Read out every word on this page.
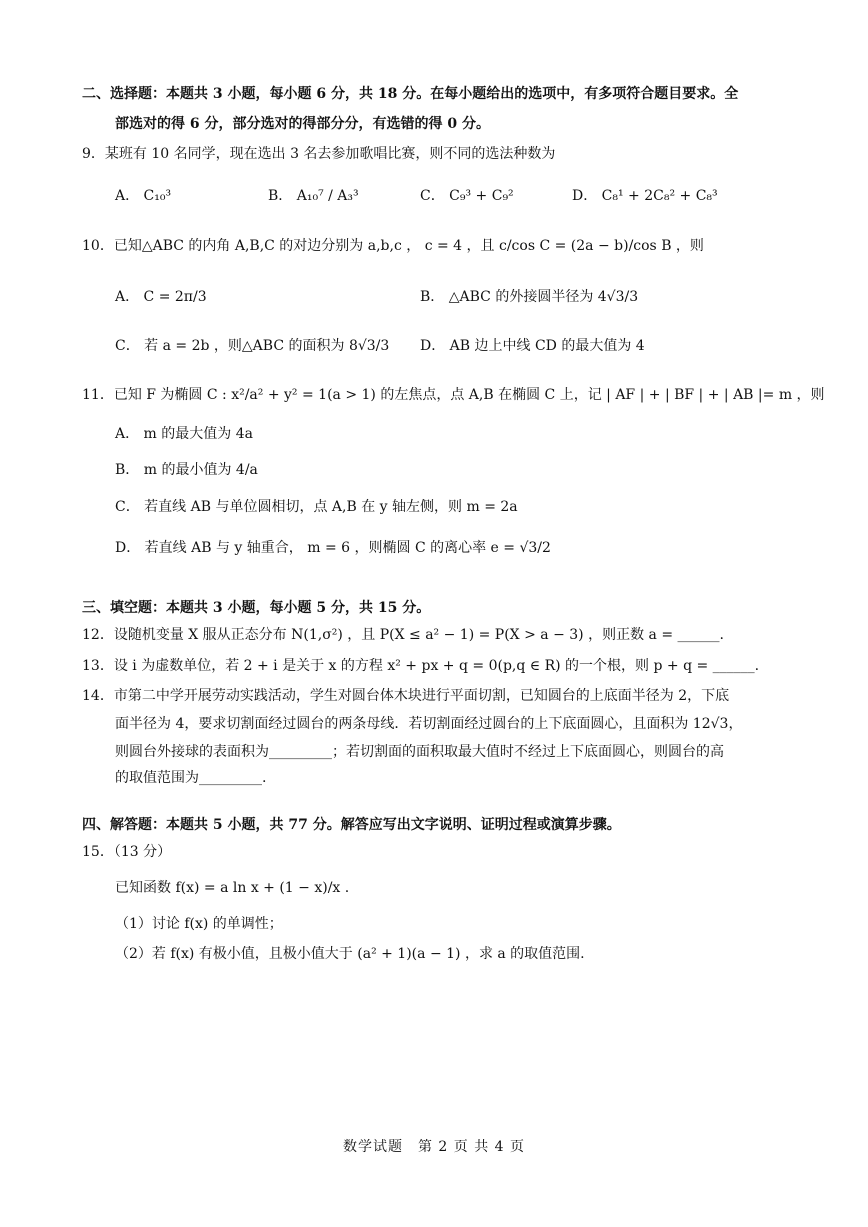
二、选择题：本题共 3 小题，每小题 6 分，共 18 分。在每小题给出的选项中，有多项符合题目要求。全
部选对的得 6 分，部分选对的得部分分，有选错的得 0 分。
9．某班有 10 名同学，现在选出 3 名去参加歌唱比赛，则不同的选法种数为
A． C₁₀³	B． A₁₀⁷ / A₃³	C． C₉³ + C₉²	D． C₈¹ + 2C₈² + C₈³
10．已知△ABC 的内角 A,B,C 的对边分别为 a,b,c ， c = 4 ，且 c/cos C = (2a − b)/cos B ，则
A． C = 2π/3	B． △ABC 的外接圆半径为 4√3/3
C． 若 a = 2b ，则△ABC 的面积为 8√3/3 D． AB 边上中线 CD 的最大值为 4
11．已知 F 为椭圆 C : x²/a² + y² = 1(a > 1) 的左焦点，点 A,B 在椭圆 C 上，记 | AF | + | BF | + | AB |= m ，则
A． m 的最大值为 4a
B． m 的最小值为 4/a
C． 若直线 AB 与单位圆相切，点 A,B 在 y 轴左侧，则 m = 2a
D． 若直线 AB 与 y 轴重合， m = 6 ，则椭圆 C 的离心率 e = √3/2
三、填空题：本题共 3 小题，每小题 5 分，共 15 分。
12．设随机变量 X 服从正态分布 N(1,σ²) ，且 P(X ≤ a² − 1) = P(X > a − 3) ，则正数 a = ______.
13．设 i 为虚数单位，若 2 + i 是关于 x 的方程 x² + px + q = 0(p,q ∈ R) 的一个根，则 p + q = ______.
14．市第二中学开展劳动实践活动，学生对圆台体木块进行平面切割，已知圆台的上底面半径为 2，下底
面半径为 4，要求切割面经过圆台的两条母线．若切割面经过圆台的上下底面圆心，且面积为 12√3，
则圆台外接球的表面积为_________；若切割面的面积取最大值时不经过上下底面圆心，则圆台的高
的取值范围为_________.
四、解答题：本题共 5 小题，共 77 分。解答应写出文字说明、证明过程或演算步骤。
15．（13 分）
已知函数 f(x) = a ln x + (1 − x)/x .
（1）讨论 f(x) 的单调性；
（2）若 f(x) 有极小值，且极小值大于 (a² + 1)(a − 1) ，求 a 的取值范围.
数学试题　第 2 页 共 4 页
